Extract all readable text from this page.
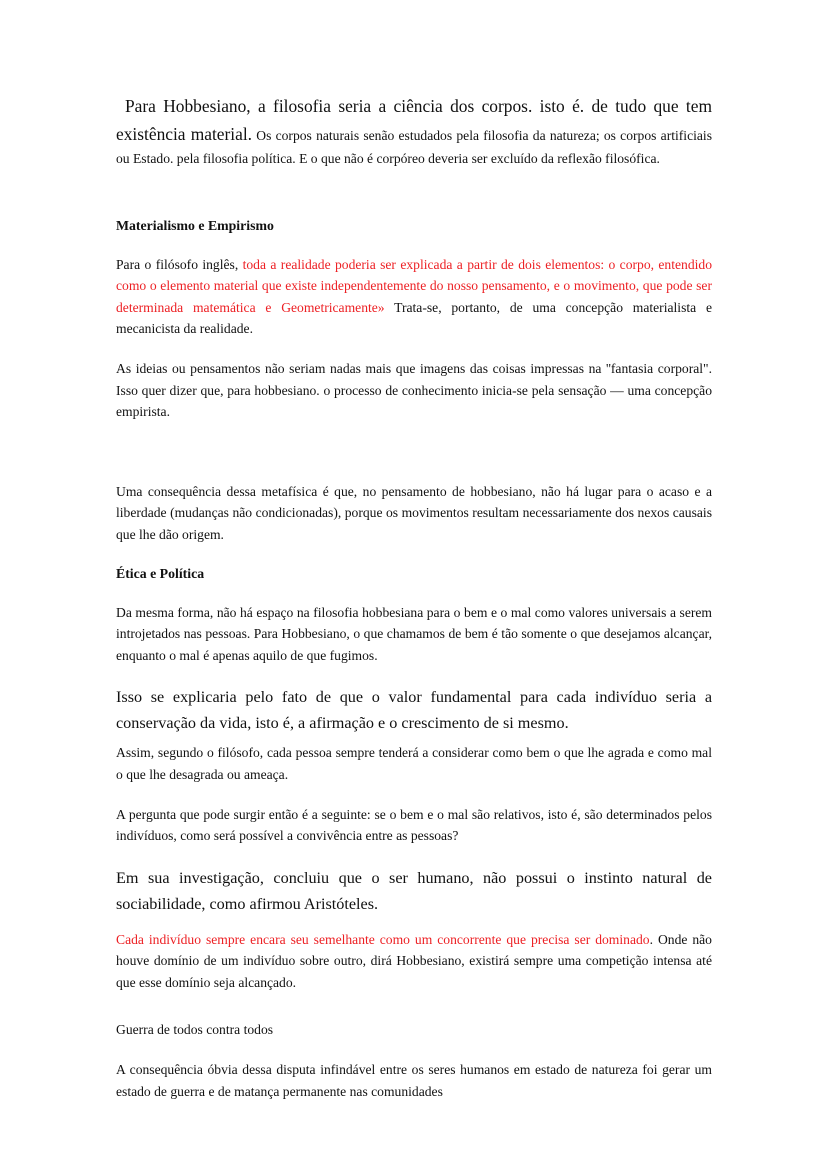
Para Hobbesiano, a filosofia seria a ciência dos corpos. isto é. de tudo que tem existência material. Os corpos naturais senão estudados pela filosofia da natureza; os corpos artificiais ou Estado. pela filosofia política. E o que não é corpóreo deveria ser excluído da reflexão filosófica.

Materialismo e Empirismo

Para o filósofo inglês, toda a realidade poderia ser explicada a partir de dois elementos: o corpo, entendido como o elemento material que existe independentemente do nosso pensamento, e o movimento, que pode ser determinada matemática e Geometricamente» Trata-se, portanto, de uma concepção materialista e mecanicista da realidade.

As ideias ou pensamentos não seriam nadas mais que imagens das coisas impressas na ''fantasia corporal". Isso quer dizer que, para hobbesiano. o processo de conhecimento inicia-se pela sensação — uma concepção empirista.

Uma consequência dessa metafísica é que, no pensamento de hobbesiano, não há lugar para o acaso e a liberdade (mudanças não condicionadas), porque os movimentos resultam necessariamente dos nexos causais que lhe dão origem.

Ética e Política

Da mesma forma, não há espaço na filosofia hobbesiana para o bem e o mal como valores universais a serem introjetados nas pessoas. Para Hobbesiano, o que chamamos de bem é tão somente o que desejamos alcançar, enquanto o mal é apenas aquilo de que fugimos.

Isso se explicaria pelo fato de que o valor fundamental para cada indivíduo seria a conservação da vida, isto é, a afirmação e o crescimento de si mesmo.

Assim, segundo o filósofo, cada pessoa sempre tenderá a considerar como bem o que lhe agrada e como mal o que lhe desagrada ou ameaça.

A pergunta que pode surgir então é a seguinte: se o bem e o mal são relativos, isto é, são determinados pelos indivíduos, como será possível a convivência entre as pessoas?

Em sua investigação, concluiu que o ser humano, não possui o instinto natural de sociabilidade, como afirmou Aristóteles.

Cada indivíduo sempre encara seu semelhante como um concorrente que precisa ser dominado. Onde não houve domínio de um indivíduo sobre outro, dirá Hobbesiano, existirá sempre uma competição intensa até que esse domínio seja alcançado.

Guerra de todos contra todos

A consequência óbvia dessa disputa infindável entre os seres humanos em estado de natureza foi gerar um estado de guerra e de matança permanente nas comunidades
